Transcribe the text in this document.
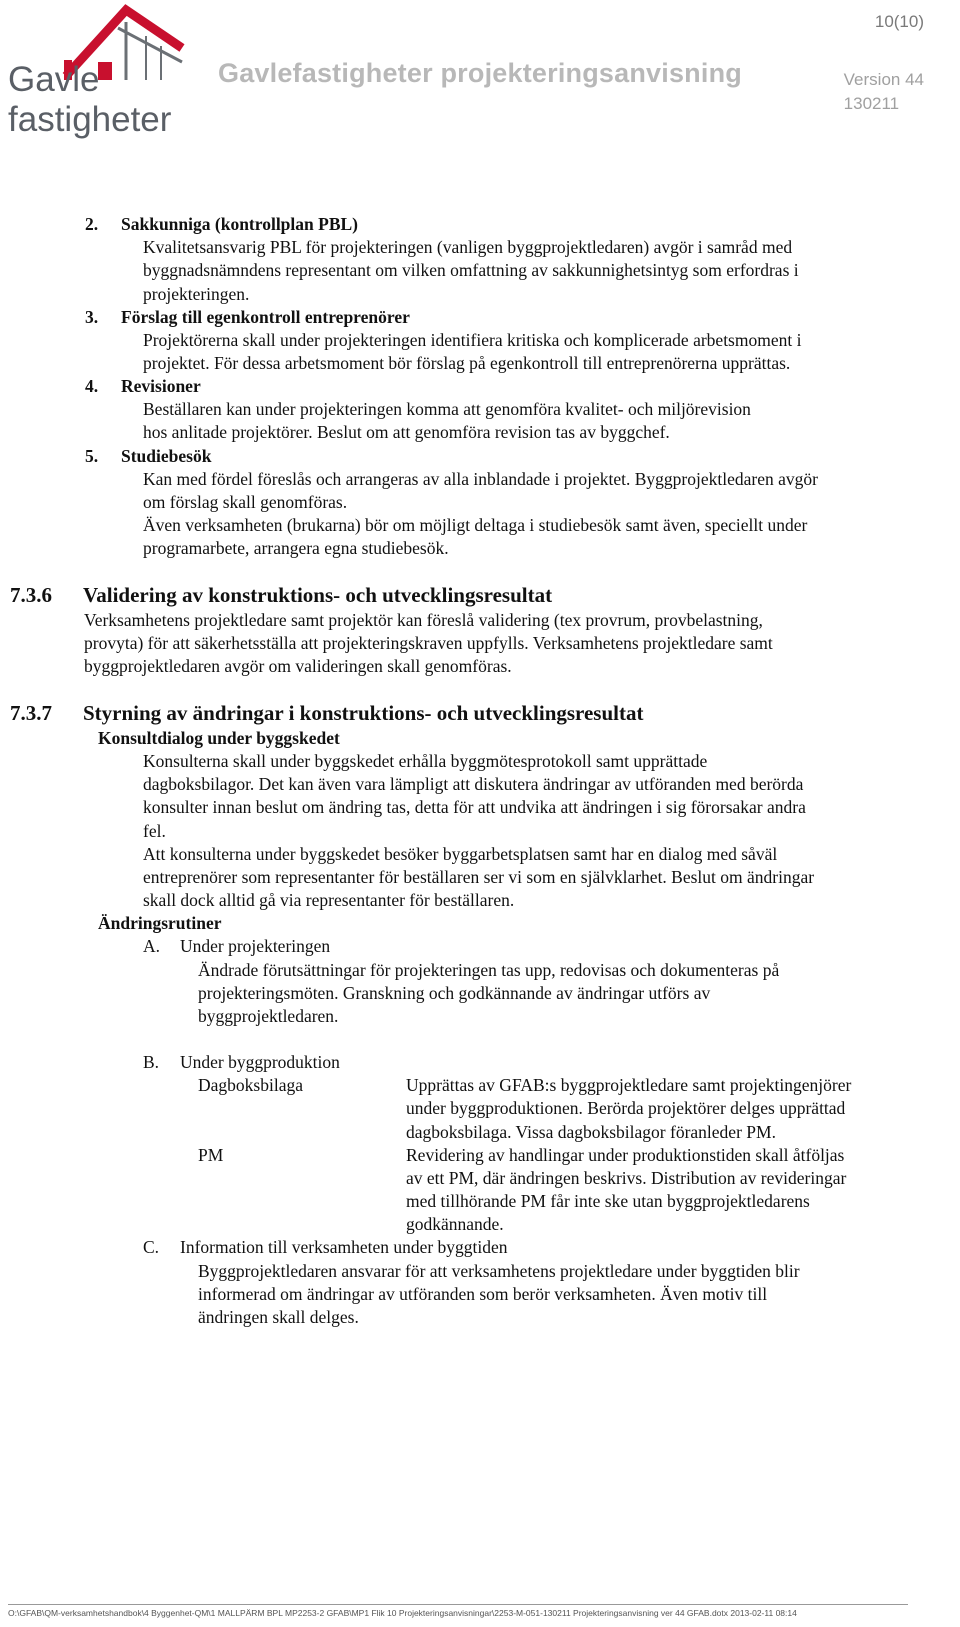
Gavle
fastigheter
10(10)
Gavlefastigheter projekteringsanvisning	Version 44
130211
2. Sakkunniga (kontrollplan PBL)
Kvalitetsansvarig PBL för projekteringen (vanligen byggprojektledaren) avgör i samråd med
byggnadsnämndens representant om vilken omfattning av sakkunnighetsintyg som erfordras i
projekteringen.
3. Förslag till egenkontroll entreprenörer
Projektörerna skall under projekteringen identifiera kritiska och komplicerade arbetsmoment i
projektet. För dessa arbetsmoment bör förslag på egenkontroll till entreprenörerna upprättas.
4. Revisioner
Beställaren kan under projekteringen komma att genomföra kvalitet- och miljörevision
hos anlitade projektörer. Beslut om att genomföra revision tas av byggchef.
5. Studiebesök
Kan med fördel föreslås och arrangeras av alla inblandade i projektet. Byggprojektledaren avgör
om förslag skall genomföras.
Även verksamheten (brukarna) bör om möjligt deltaga i studiebesök samt även, speciellt under
programarbete, arrangera egna studiebesök.
7.3.6 Validering av konstruktions- och utvecklingsresultat
Verksamhetens projektledare samt projektör kan föreslå validering (tex provrum, provbelastning,
provyta) för att säkerhetsställa att projekteringskraven uppfylls. Verksamhetens projektledare samt
byggprojektledaren avgör om valideringen skall genomföras.
7.3.7 Styrning av ändringar i konstruktions- och utvecklingsresultat
Konsultdialog under byggskedet
Konsulterna skall under byggskedet erhålla byggmötesprotokoll samt upprättade
dagboksbilagor. Det kan även vara lämpligt att diskutera ändringar av utföranden med berörda
konsulter innan beslut om ändring tas, detta för att undvika att ändringen i sig förorsakar andra
fel.
Att konsulterna under byggskedet besöker byggarbetsplatsen samt har en dialog med såväl
entreprenörer som representanter för beställaren ser vi som en självklarhet. Beslut om ändringar
skall dock alltid gå via representanter för beställaren.
Ändringsrutiner
A. Under projekteringen
Ändrade förutsättningar för projekteringen tas upp, redovisas och dokumenteras på
projekteringsmöten. Granskning och godkännande av ändringar utförs av
byggprojektledaren.
B. Under byggproduktion
Dagboksbilaga	Upprättas av GFAB:s byggprojektledare samt projektingenjörer
under byggproduktionen. Berörda projektörer delges upprättad
dagboksbilaga. Vissa dagboksbilagor föranleder PM.
PM	Revidering av handlingar under produktionstiden skall åtföljas
av ett PM, där ändringen beskrivs. Distribution av revideringar
med tillhörande PM får inte ske utan byggprojektledarens
godkännande.
C. Information till verksamheten under byggtiden
Byggprojektledaren ansvarar för att verksamhetens projektledare under byggtiden blir
informerad om ändringar av utföranden som berör verksamheten. Även motiv till
ändringen skall delges.
O:\GFAB\QM-verksamhetshandbok\4 Byggenhet-QM\1 MALLPÄRM BPL MP2253-2 GFAB\MP1 Flik 10 Projekteringsanvisningar\2253-M-051-130211 Projekteringsanvisning ver 44 GFAB.dotx 2013-02-11 08:14
